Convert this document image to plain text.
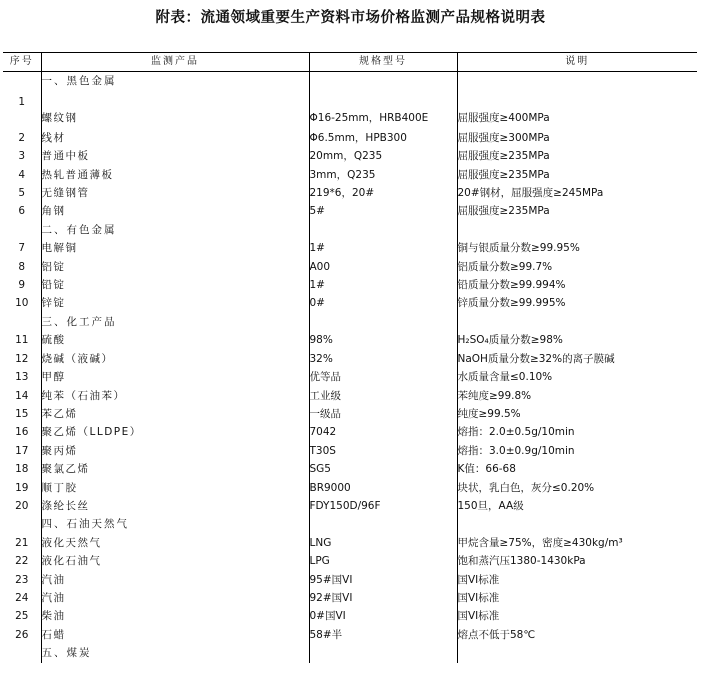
附表：流通领域重要生产资料市场价格监测产品规格说明表
序号	监测产品	规格型号	说明
	一、黑色金属		
1	螺纹钢	Φ16-25mm，HRB400E	屈服强度≥400MPa
2	线材	Φ6.5mm，HPB300	屈服强度≥300MPa
3	普通中板	20mm，Q235	屈服强度≥235MPa
4	热轧普通薄板	3mm，Q235	屈服强度≥235MPa
5	无缝钢管	219*6，20#	20#钢材，屈服强度≥245MPa
6	角钢	5#	屈服强度≥235MPa
	二、有色金属		
7	电解铜	1#	铜与银质量分数≥99.95%
8	铝锭	A00	铝质量分数≥99.7%
9	铅锭	1#	铅质量分数≥99.994%
10	锌锭	0#	锌质量分数≥99.995%
	三、化工产品		
11	硫酸	98%	H₂SO₄质量分数≥98%
12	烧碱（液碱）	32%	NaOH质量分数≥32%的离子膜碱
13	甲醇	优等品	水质量含量≤0.10%
14	纯苯（石油苯）	工业级	苯纯度≥99.8%
15	苯乙烯	一级品	纯度≥99.5%
16	聚乙烯（LLDPE）	7042	熔指：2.0±0.5g/10min
17	聚丙烯	T30S	熔指：3.0±0.9g/10min
18	聚氯乙烯	SG5	K值：66-68
19	顺丁胶	BR9000	块状，乳白色，灰分≤0.20%
20	涤纶长丝	FDY150D/96F	150旦，AA级
	四、石油天然气		
21	液化天然气	LNG	甲烷含量≥75%，密度≥430kg/m³
22	液化石油气	LPG	饱和蒸汽压1380-1430kPa
23	汽油	95#国VI	国VI标准
24	汽油	92#国VI	国VI标准
25	柴油	0#国VI	国VI标准
26	石蜡	58#半	熔点不低于58℃
	五、煤炭		
